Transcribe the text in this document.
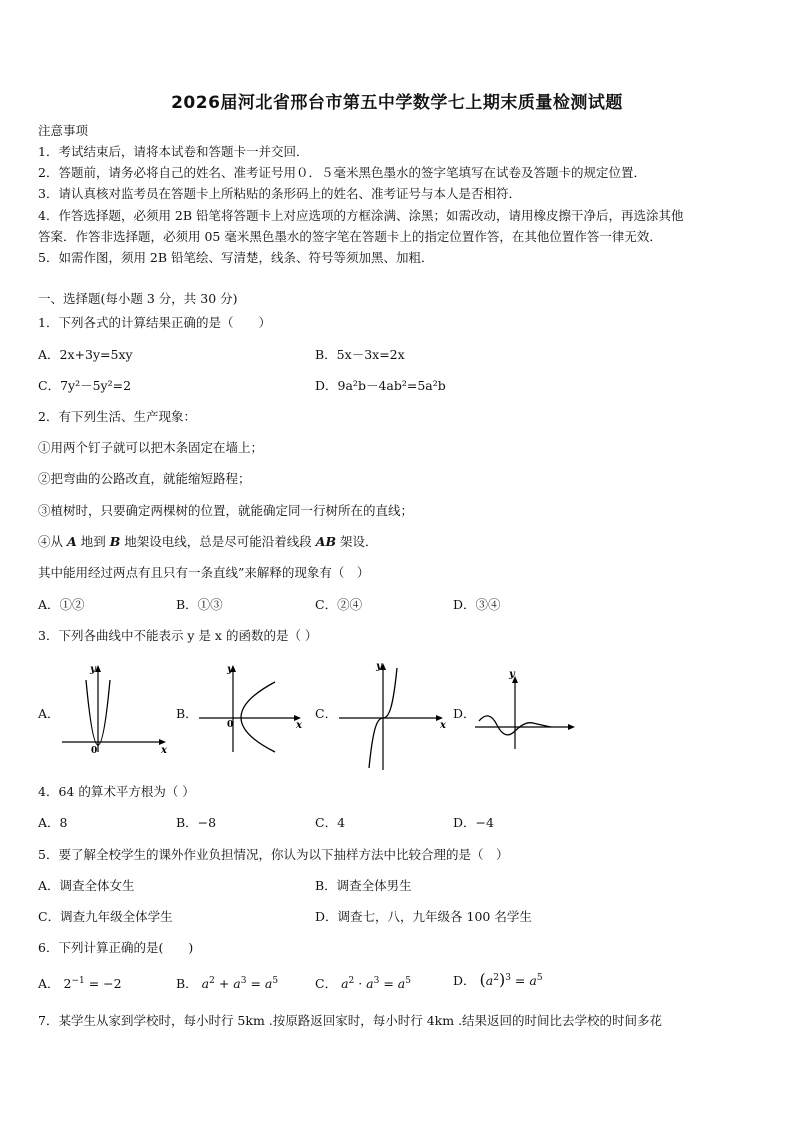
2026届河北省邢台市第五中学数学七上期末质量检测试题
注意事项
1．考试结束后，请将本试卷和答题卡一并交回．
2．答题前，请务必将自己的姓名、准考证号用０．５毫米黑色墨水的签字笔填写在试卷及答题卡的规定位置．
3．请认真核对监考员在答题卡上所粘贴的条形码上的姓名、准考证号与本人是否相符．
4．作答选择题，必须用 2B 铅笔将答题卡上对应选项的方框涂满、涂黑；如需改动，请用橡皮擦干净后，再选涂其他
答案．作答非选择题，必须用 05 毫米黑色墨水的签字笔在答题卡上的指定位置作答，在其他位置作答一律无效．
5．如需作图，须用 2B 铅笔绘、写清楚，线条、符号等须加黑、加粗．
一、选择题(每小题 3 分，共 30 分)
1．下列各式的计算结果正确的是（　　）
A．2x+3y=5xy	B．5x－3x=2x
C．7y²－5y²=2	D．9a²b－4ab²=5a²b
2．有下列生活、生产现象：
①用两个钉子就可以把木条固定在墙上；
②把弯曲的公路改直，就能缩短路程；
③植树时，只要确定两棵树的位置，就能确定同一行树所在的直线；
④从 A 地到 B 地架设电线，总是尽可能沿着线段 AB 架设．
其中能用经过两点有且只有一条直线”来解释的现象有（　）
A．①②	B．①③	C．②④	D．③④
3．下列各曲线中不能表示 y 是 x 的函数的是（ ）
A．	B．	C．	D．
x
y
0
x
y
0	x
y
y
4．64 的算术平方根为（ ）
A．8	B．−8	C．4	D．−4
5．要了解全校学生的课外作业负担情况，你认为以下抽样方法中比较合理的是（　）
A．调查全体女生	B．调查全体男生
C．调查九年级全体学生	D．调查七，八，九年级各 100 名学生
6．下列计算正确的是(　　)
A． $2^{-1} = -2$	B． $a^2 + a^3 = a^5$	C． $a^2 \cdot a^3 = a^5$	D． $(a^2)^3 = a^5$
7．某学生从家到学校时，每小时行 5km .按原路返回家时，每小时行 4km .结果返回的时间比去学校的时间多花
